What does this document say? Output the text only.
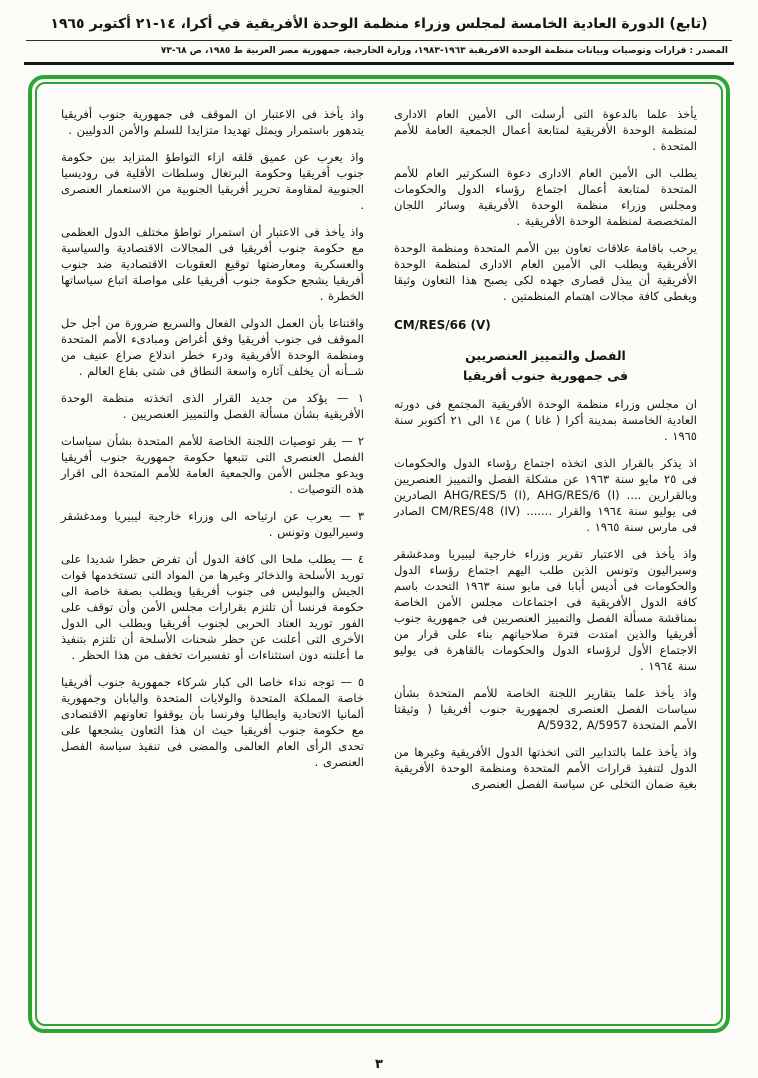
(تابع) الدورة العادية الخامسة لمجلس وزراء منظمة الوحدة الأفريقية في أكرا، ١٤-٢١ أكتوبر ١٩٦٥

المصدر : قرارات وتوصيات وبيانات منظمة الوحدة الأفريقية ١٩٦٣-١٩٨٣، وزارة الخارجية، جمهورية مصر العربية ط ١٩٨٥، ص ٦٨-٧٣

يأخذ علما بالدعوة التى أرسلت الى الأمين العام الادارى لمنظمة الوحدة الأفريقية لمتابعة أعمال الجمعية العامة للأمم المتحدة .

يطلب الى الأمين العام الادارى دعوة السكرتير العام للأمم المتحدة لمتابعة أعمال اجتماع رؤساء الدول والحكومات ومجلس وزراء منظمة الوحدة الأفريقية وسائر اللجان المتخصصة لمنظمة الوحدة الأفريقية .

يرحب باقامة علاقات تعاون بين الأمم المتحدة ومنظمة الوحدة الأفريقية ويطلب الى الأمين العام الادارى لمنظمة الوحدة الأفريقية أن يبذل قصارى جهده لكى يصبح هذا التعاون وثيقا ويغطى كافة مجالات اهتمام المنظمتين .

CM/RES/66 (V)

الفصل والتمييز العنصريين
فى جمهورية جنوب أفريقيا

ان مجلس وزراء منظمة الوحدة الأفريقية المجتمع فى دورته العادية الخامسة بمدينة أكرا ( غانا ) من ١٤ الى ٢١ أكتوبر سنة ١٩٦٥ .

اذ يذكر بالقرار الذى اتخذه اجتماع رؤساء الدول والحكومات فى ٢٥ مايو سنة ١٩٦٣ عن مشكلة الفصل والتمييز العنصريين وبالقرارين .... AHG/RES/5 (I), AHG/RES/6 (I) الصادرين فى يوليو سنة ١٩٦٤ والقرار ....... CM/RES/48 (IV) الصادر فى مارس سنة ١٩٦٥ .

واذ يأخذ فى الاعتبار تقرير وزراء خارجية ليبيريا ومدغشقر وسيراليون وتونس الذين طلب اليهم اجتماع رؤساء الدول والحكومات فى أديس أبابا فى مايو سنة ١٩٦٣ التحدث باسم كافة الدول الأفريقية فى اجتماعات مجلس الأمن الخاصة بمناقشة مسألة الفصل والتمييز العنصريين فى جمهورية جنوب أفريقيا والذين امتدت فترة صلاحياتهم بناء على قرار من الاجتماع الأول لرؤساء الدول والحكومات بالقاهرة فى يوليو سنة ١٩٦٤ .

واذ يأخذ علما بتقارير اللجنة الخاصة للأمم المتحدة بشأن سياسات الفصل العنصرى لجمهورية جنوب أفريقيا ( وثيقتا الأمم المتحدة A/5932, A/5957

واذ يأخذ علما بالتدابير التى اتخذتها الدول الأفريقية وغيرها من الدول لتنفيذ قرارات الأمم المتحدة ومنظمة الوحدة الأفريقية بغية ضمان التخلى عن سياسة الفصل العنصرى

واذ يأخذ فى الاعتبار ان الموقف فى جمهورية جنوب أفريقيا يتدهور باستمرار ويمثل تهديدا متزايدا للسلم والأمن الدوليين .

واذ يعرب عن عميق قلقه ازاء التواطؤ المتزايد بين حكومة جنوب أفريقيا وحكومة البرتغال وسلطات الأقلية فى روديسيا الجنوبية لمقاومة تحرير أفريقيا الجنوبية من الاستعمار العنصرى .

واذ يأخذ فى الاعتبار أن استمرار تواطؤ مختلف الدول العظمى مع حكومة جنوب أفريقيا فى المجالات الاقتصادية والسياسية والعسكرية ومعارضتها توقيع العقوبات الاقتصادية ضد جنوب أفريقيا يشجع حكومة جنوب أفريقيا على مواصلة اتباع سياساتها الخطرة .

واقتناعا بأن العمل الدولى الفعال والسريع ضرورة من أجل حل الموقف فى جنوب أفريقيا وفق أغراض ومبادىء الأمم المتحدة ومنظمة الوحدة الأفريقية ودرء خطر اندلاع صراع عنيف من شــأنه أن يخلف آثاره واسعة النطاق فى شتى بقاع العالم .

١ — يؤكد من جديد القرار الذى اتخذته منظمة الوحدة الأفريقية بشأن مسألة الفصل والتمييز العنصريين .

٢ — يقر توصيات اللجنة الخاصة للأمم المتحدة بشأن سياسات الفصل العنصرى التى تتبعها حكومة جمهورية جنوب أفريقيا ويدعو مجلس الأمن والجمعية العامة للأمم المتحدة الى اقرار هذه التوصيات .

٣ — يعرب عن ارتياحه الى وزراء خارجية ليبيريا ومدغشقر وسيراليون وتونس .

٤ — يطلب ملحا الى كافة الدول أن تفرض حظرا شديدا على توريد الأسلحة والذخائر وغيرها من المواد التى تستخدمها قوات الجيش والبوليس فى جنوب أفريقيا ويطلب بصفة خاصة الى حكومة فرنسا أن تلتزم بقرارات مجلس الأمن وأن توقف على الفور توريد العتاد الحربى لجنوب أفريقيا ويطلب الى الدول الأخرى التى أعلنت عن حظر شحنات الأسلحة أن تلتزم بتنفيذ ما أعلنته دون استثناءات أو تفسيرات تخفف من هذا الحظر .

٥ — توجه نداء خاصا الى كبار شركاء جمهورية جنوب أفريقيا خاصة المملكة المتحدة والولايات المتحدة واليابان وجمهورية ألمانيا الاتحادية وايطاليا وفرنسا بأن يوقفوا تعاونهم الاقتصادى مع حكومة جنوب أفريقيا حيث ان هذا التعاون يشجعها على تحدى الرأى العام العالمى والمضى فى تنفيذ سياسة الفصل العنصرى .

٣
